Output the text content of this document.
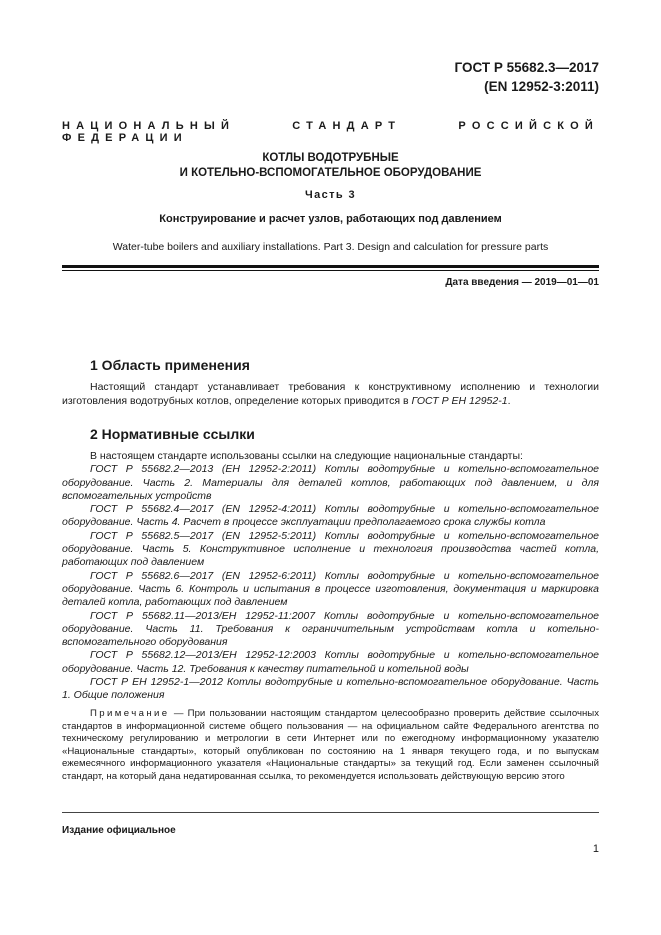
ГОСТ Р 55682.3—2017
(EN 12952-3:2011)
НАЦИОНАЛЬНЫЙ	СТАНДАРТ	РОССИЙСКОЙ ФЕДЕРАЦИИ
КОТЛЫ ВОДОТРУБНЫЕ
И КОТЕЛЬНО-ВСПОМОГАТЕЛЬНОЕ ОБОРУДОВАНИЕ
Часть 3
Конструирование и расчет узлов, работающих под давлением
Water-tube boilers and auxiliary installations. Part 3. Design and calculation for pressure parts
Дата введения — 2019—01—01
1 Область применения
Настоящий стандарт устанавливает требования к конструктивному исполнению и технологии изготовления водотрубных котлов, определение которых приводится в ГОСТ Р ЕН 12952-1.
2 Нормативные ссылки

В настоящем стандарте использованы ссылки на следующие национальные стандарты:

ГОСТ Р 55682.2—2013 (ЕН 12952-2:2011) Котлы водотрубные и котельно-вспомогательное оборудование. Часть 2. Материалы для деталей котлов, работающих под давлением, и для вспомогательных устройств

ГОСТ Р 55682.4—2017 (EN 12952-4:2011) Котлы водотрубные и котельно-вспомогательное оборудование. Часть 4. Расчет в процессе эксплуатации предполагаемого срока службы котла

ГОСТ Р 55682.5—2017 (EN 12952-5:2011) Котлы водотрубные и котельно-вспомогательное оборудование. Часть 5. Конструктивное исполнение и технология производства частей котла, работающих под давлением

ГОСТ Р 55682.6—2017 (EN 12952-6:2011) Котлы водотрубные и котельно-вспомогательное оборудование. Часть 6. Контроль и испытания в процессе изготовления, документация и маркировка деталей котла, работающих под давлением

ГОСТ Р 55682.11—2013/ЕН 12952-11:2007 Котлы водотрубные и котельно-вспомогательное оборудование. Часть 11. Требования к ограничительным устройствам котла и котельно-вспомогательного оборудования

ГОСТ Р 55682.12—2013/ЕН 12952-12:2003 Котлы водотрубные и котельно-вспомогательное оборудование. Часть 12. Требования к качеству питательной и котельной воды

ГОСТ Р ЕН 12952-1—2012 Котлы водотрубные и котельно-вспомогательное оборудование. Часть 1. Общие положения

Примечание — При пользовании настоящим стандартом целесообразно проверить действие ссылочных стандартов в информационной системе общего пользования — на официальном сайте Федерального агентства по техническому регулированию и метрологии в сети Интернет или по ежегодному информационному указателю «Национальные стандарты», который опубликован по состоянию на 1 января текущего года, и по выпускам ежемесячного информационного указателя «Национальные стандарты» за текущий год. Если заменен ссылочный стандарт, на который дана недатированная ссылка, то рекомендуется использовать действующую версию этого
Издание официальное
1
